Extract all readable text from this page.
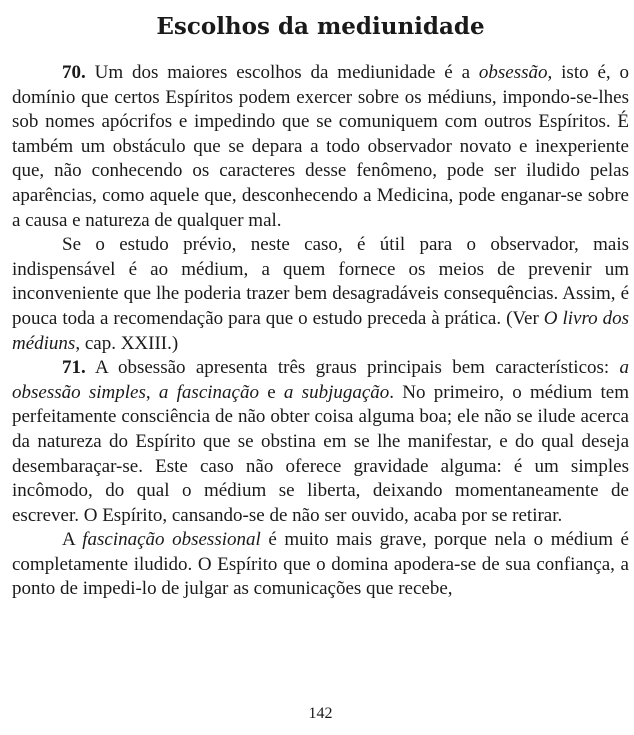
Escolhos da mediunidade

70. Um dos maiores escolhos da mediunidade é a obsessão, isto é, o domínio que certos Espíritos podem exercer sobre os médiuns, impondo-se-lhes sob nomes apócrifos e impedindo que se comuniquem com outros Espíritos. É também um obstáculo que se depara a todo observador novato e inexperiente que, não conhecendo os caracteres desse fenômeno, pode ser iludido pelas aparências, como aquele que, desconhecendo a Medicina, pode enganar-se sobre a causa e natureza de qualquer mal.

Se o estudo prévio, neste caso, é útil para o observador, mais indispensável é ao médium, a quem fornece os meios de prevenir um inconveniente que lhe poderia trazer bem desagradáveis consequências. Assim, é pouca toda a recomendação para que o estudo preceda à prática. (Ver O livro dos médiuns, cap. XXIII.)

71. A obsessão apresenta três graus principais bem característicos: a obsessão simples, a fascinação e a subjugação. No primeiro, o médium tem perfeitamente consciência de não obter coisa alguma boa; ele não se ilude acerca da natureza do Espírito que se obstina em se lhe manifestar, e do qual deseja desembaraçar-se. Este caso não oferece gravidade alguma: é um simples incômodo, do qual o médium se liberta, deixando momentaneamente de escrever. O Espírito, cansando-se de não ser ouvido, acaba por se retirar.

A fascinação obsessional é muito mais grave, porque nela o médium é completamente iludido. O Espírito que o domina apodera-se de sua confiança, a ponto de impedi-lo de julgar as comunicações que recebe,

142
